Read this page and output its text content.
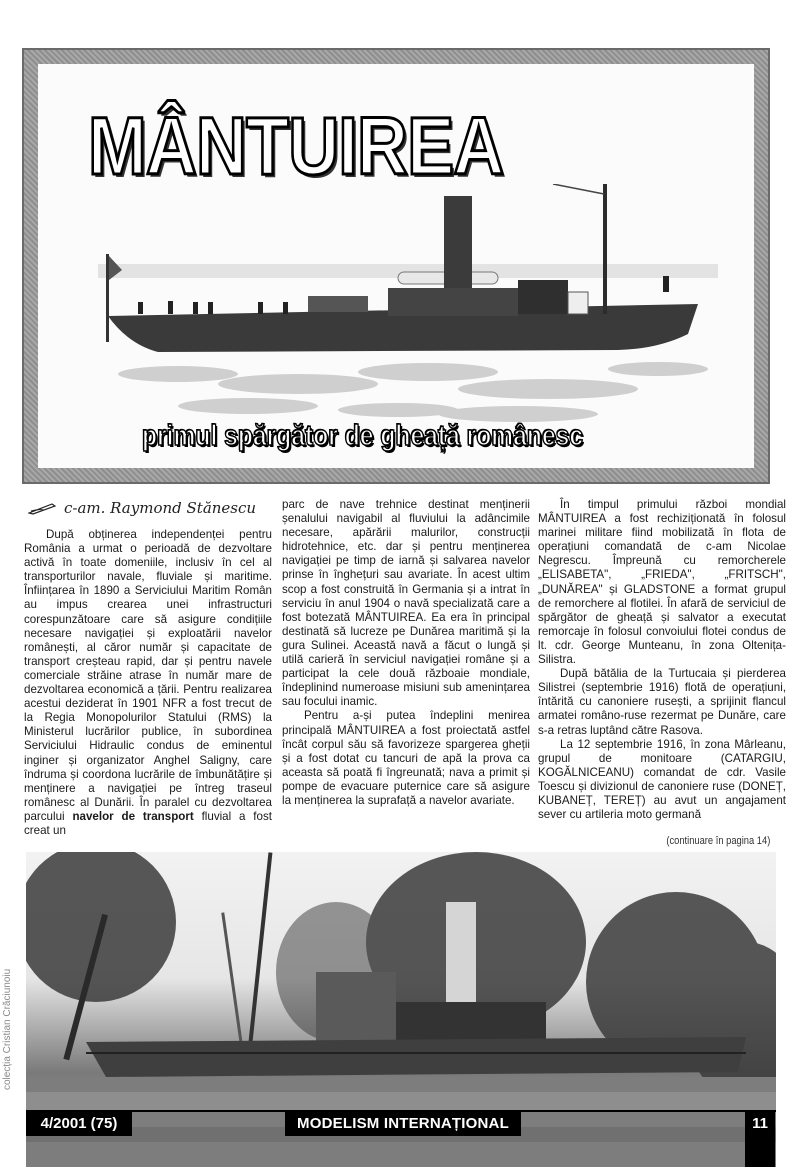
MÂNTUIREA
primul spărgător de gheață românesc
c-am. Raymond Stănescu

După obținerea independenței pentru România a urmat o perioadă de dezvoltare activă în toate domeniile, inclusiv în cel al transporturilor navale, fluviale și maritime. Înființarea în 1890 a Serviciului Maritim Român au impus crearea unei infrastructuri corespunzătoare care să asigure condițiile necesare navigației și exploatării navelor românești, al căror număr și capacitate de transport creșteau rapid, dar și pentru navele comerciale străine atrase în număr mare de dezvoltarea economică a țării. Pentru realizarea acestui deziderat în 1901 NFR a fost trecut de la Regia Monopolurilor Statului (RMS) la Ministerul lucrărilor publice, în subordinea Serviciului Hidraulic condus de eminentul inginer și organizator Anghel Saligny, care îndruma și coordona lucrările de îmbunătățire și menținere a navigației pe întreg traseul românesc al Dunării. În paralel cu dezvoltarea parcului navelor de transport fluvial a fost creat un

parc de nave trehnice destinat menținerii șenalului navigabil al fluviului la adâncimile necesare, apărării malurilor, construcții hidrotehnice, etc. dar și pentru menținerea navigației pe timp de iarnă și salvarea navelor prinse în înghețuri sau avariate. În acest ultim scop a fost construită în Germania și a intrat în serviciu în anul 1904 o navă specializată care a fost botezată MÂNTUIREA. Ea era în principal destinată să lucreze pe Dunărea maritimă și la gura Sulinei. Această navă a făcut o lungă și utilă carieră în serviciul navigației române și a participat la cele două războaie mondiale, îndeplinind numeroase misiuni sub amenințarea sau focului inamic.

Pentru a-și putea îndeplini menirea principală MÂNTUIREA a fost proiectată astfel încât corpul său să favorizeze spargerea gheții și a fost dotat cu tancuri de apă la prova ca aceasta să poată fi îngreunată; nava a primit și pompe de evacuare puternice care să asigure la menținerea la suprafață a navelor avariate.

În timpul primului război mondial MÂNTUIREA a fost rechiziționată în folosul marinei militare fiind mobilizată în flota de operațiuni comandată de c-am Nicolae Negrescu. Împreună cu remorcherele „ELISABETA", „FRIEDA", „FRITSCH", „DUNĂREA" și GLADSTONE a format grupul de remorchere al flotilei. În afară de serviciul de spărgător de gheață și salvator a executat remorcaje în folosul convoiului flotei condus de lt. cdr. George Munteanu, în zona Oltenița-Silistra.

După bătălia de la Turtucaia și pierderea Silistrei (septembrie 1916) flotă de operațiuni, întărită cu canoniere rusești, a sprijinit flancul armatei româno-ruse rezermat pe Dunăre, care s-a retras luptând către Rasova.

La 12 septembrie 1916, în zona Mârleanu, grupul de monitoare (CATARGIU, KOGĂLNICEANU) comandat de cdr. Vasile Toescu și divizionul de canoniere ruse (DONEȚ, KUBANEȚ, TEREȚ) au avut un angajament sever cu artileria moto germană

(continuare în pagina 14)
colecția Cristian Crăciunoiu
4/2001 (75)	MODELISM INTERNAȚIONAL	11
